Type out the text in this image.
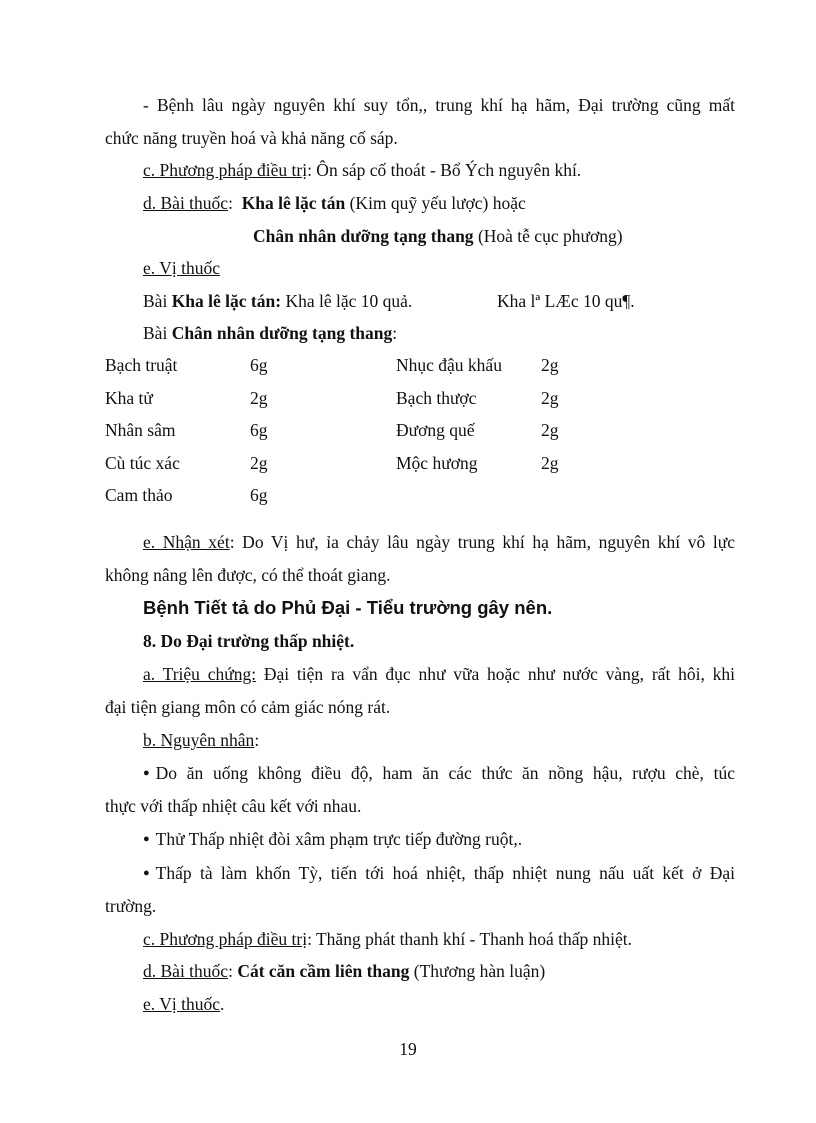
- Bệnh lâu ngày nguyên khí suy tổn,, trung khí hạ hãm, Đại trường cũng mất
chức năng truyền hoá và khả năng cố sáp.
c. Phương pháp điều trị: Ôn sáp cố thoát - Bổ Ých nguyên khí.
d. Bài thuốc: Kha lê lặc tán (Kim quỹ yếu lược) hoặc
Chân nhân dưỡng tạng thang (Hoà tễ cục phương)
e. Vị thuốc
Bài Kha lê lặc tán: Kha lê lặc 10 quả.	Kha lª LÆc 10 qu¶.
Bài Chân nhân dưỡng tạng thang:
Bạch truật	6g	Nhục đậu khấu 2g
Kha tử	2g	Bạch thược	2g
Nhân sâm	6g	Đương quế	2g
Cù túc xác	2g	Mộc hương	2g
Cam thảo	6g
e. Nhận xét: Do Vị hư, ỉa chảy lâu ngày trung khí hạ hãm, nguyên khí vô lực
không nâng lên được, có thể thoát giang.
Bệnh Tiết tả do Phủ Đại - Tiểu trường gây nên.
8. Do Đại trường thấp nhiệt.
a. Triệu chứng: Đại tiện ra vẩn đục như vữa hoặc như nước vàng, rất hôi, khi
đại tiện giang môn có cảm giác nóng rát.
b. Nguyên nhân:
● Do ăn uống không điều độ, ham ăn các thức ăn nồng hậu, rượu chè, túc
thực với thấp nhiệt câu kết với nhau.
● Thử Thấp nhiệt đòi xâm phạm trực tiếp đường ruột,.
● Thấp tà làm khốn Tỳ, tiến tới hoá nhiệt, thấp nhiệt nung nấu uất kết ở Đại
trường.
c. Phương pháp điều trị: Thăng phát thanh khí - Thanh hoá thấp nhiệt.
d. Bài thuốc: Cát căn cầm liên thang (Thương hàn luận)
e. Vị thuốc.
19
